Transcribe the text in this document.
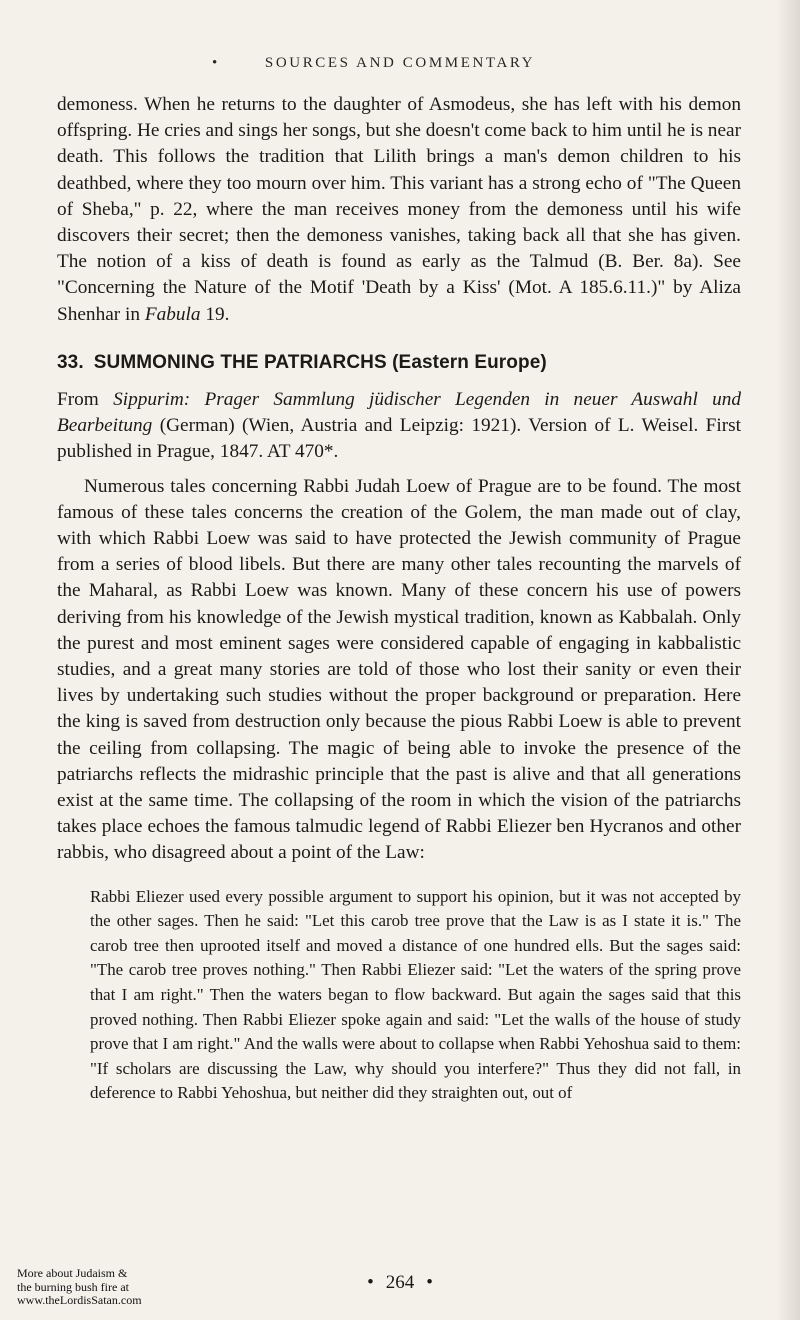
•	SOURCES AND COMMENTARY

demoness. When he returns to the daughter of Asmodeus, she has left with his demon offspring. He cries and sings her songs, but she doesn't come back to him until he is near death. This follows the tradition that Lilith brings a man's demon children to his deathbed, where they too mourn over him. This variant has a strong echo of "The Queen of Sheba," p. 22, where the man receives money from the demoness until his wife discovers their secret; then the demoness vanishes, taking back all that she has given. The notion of a kiss of death is found as early as the Talmud (B. Ber. 8a). See "Concerning the Nature of the Motif 'Death by a Kiss' (Mot. A 185.6.11.)" by Aliza Shenhar in Fabula 19.

33. SUMMONING THE PATRIARCHS (Eastern Europe)

From Sippurim: Prager Sammlung jüdischer Legenden in neuer Auswahl und Bearbeitung (German) (Wien, Austria and Leipzig: 1921). Version of L. Weisel. First published in Prague, 1847. AT 470*.

Numerous tales concerning Rabbi Judah Loew of Prague are to be found. The most famous of these tales concerns the creation of the Golem, the man made out of clay, with which Rabbi Loew was said to have protected the Jewish community of Prague from a series of blood libels. But there are many other tales recounting the marvels of the Maharal, as Rabbi Loew was known. Many of these concern his use of powers deriving from his knowledge of the Jewish mystical tradition, known as Kabbalah. Only the purest and most eminent sages were considered capable of engaging in kabbalistic studies, and a great many stories are told of those who lost their sanity or even their lives by undertaking such studies without the proper background or preparation. Here the king is saved from destruction only because the pious Rabbi Loew is able to prevent the ceiling from collapsing. The magic of being able to invoke the presence of the patriarchs reflects the midrashic principle that the past is alive and that all generations exist at the same time. The collapsing of the room in which the vision of the patriarchs takes place echoes the famous talmudic legend of Rabbi Eliezer ben Hycranos and other rabbis, who disagreed about a point of the Law:

Rabbi Eliezer used every possible argument to support his opinion, but it was not accepted by the other sages. Then he said: "Let this carob tree prove that the Law is as I state it is." The carob tree then uprooted itself and moved a distance of one hundred ells. But the sages said: "The carob tree proves nothing." Then Rabbi Eliezer said: "Let the waters of the spring prove that I am right." Then the waters began to flow backward. But again the sages said that this proved nothing. Then Rabbi Eliezer spoke again and said: "Let the walls of the house of study prove that I am right." And the walls were about to collapse when Rabbi Yehoshua said to them: "If scholars are discussing the Law, why should you interfere?" Thus they did not fall, in deference to Rabbi Yehoshua, but neither did they straighten out, out of

• 264 •
More about Judaism &
the burning bush fire at
www.theLordisSatan.com
